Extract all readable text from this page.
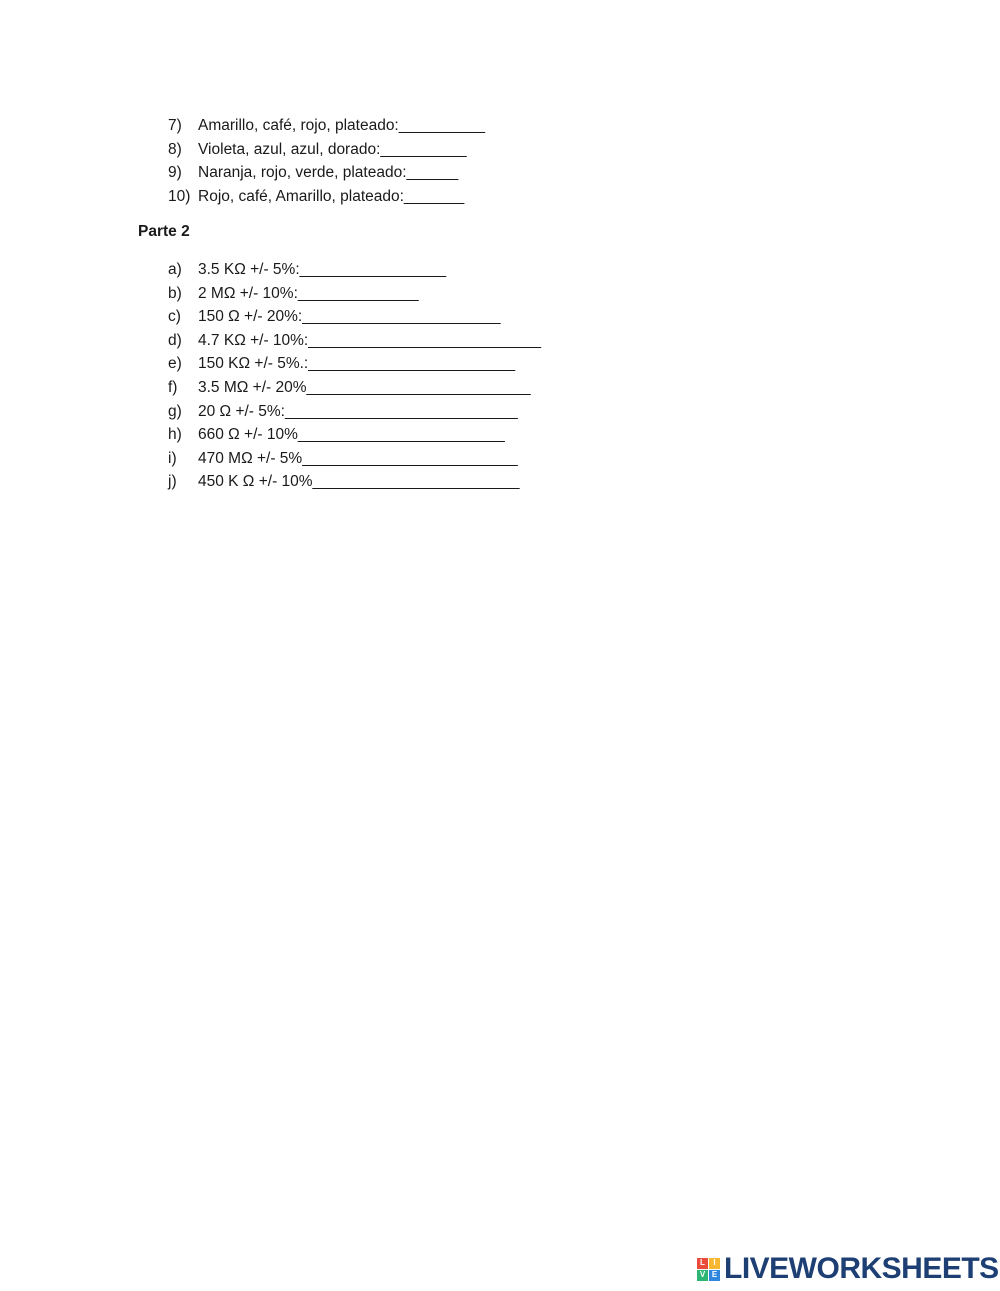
7)	Amarillo, café, rojo, plateado:__________
8)	Violeta, azul, azul, dorado:__________
9)	Naranja, rojo, verde, plateado:______
10) Rojo, café, Amarillo, plateado:_______
Parte 2
a)	3.5 KΩ +/- 5%:_________________
b)	2 MΩ +/- 10%:______________
c)	150 Ω +/- 20%:_______________________
d)	4.7 KΩ +/- 10%:___________________________
e)	150 KΩ +/- 5%.:________________________
f)	3.5 MΩ +/- 20%__________________________
g)	20 Ω +/- 5%:___________________________
h)	660 Ω +/- 10%________________________
i)	470 MΩ +/- 5%_________________________
j)	450 K Ω +/- 10%________________________
L	I
V E LIVEWORKSHEETS
